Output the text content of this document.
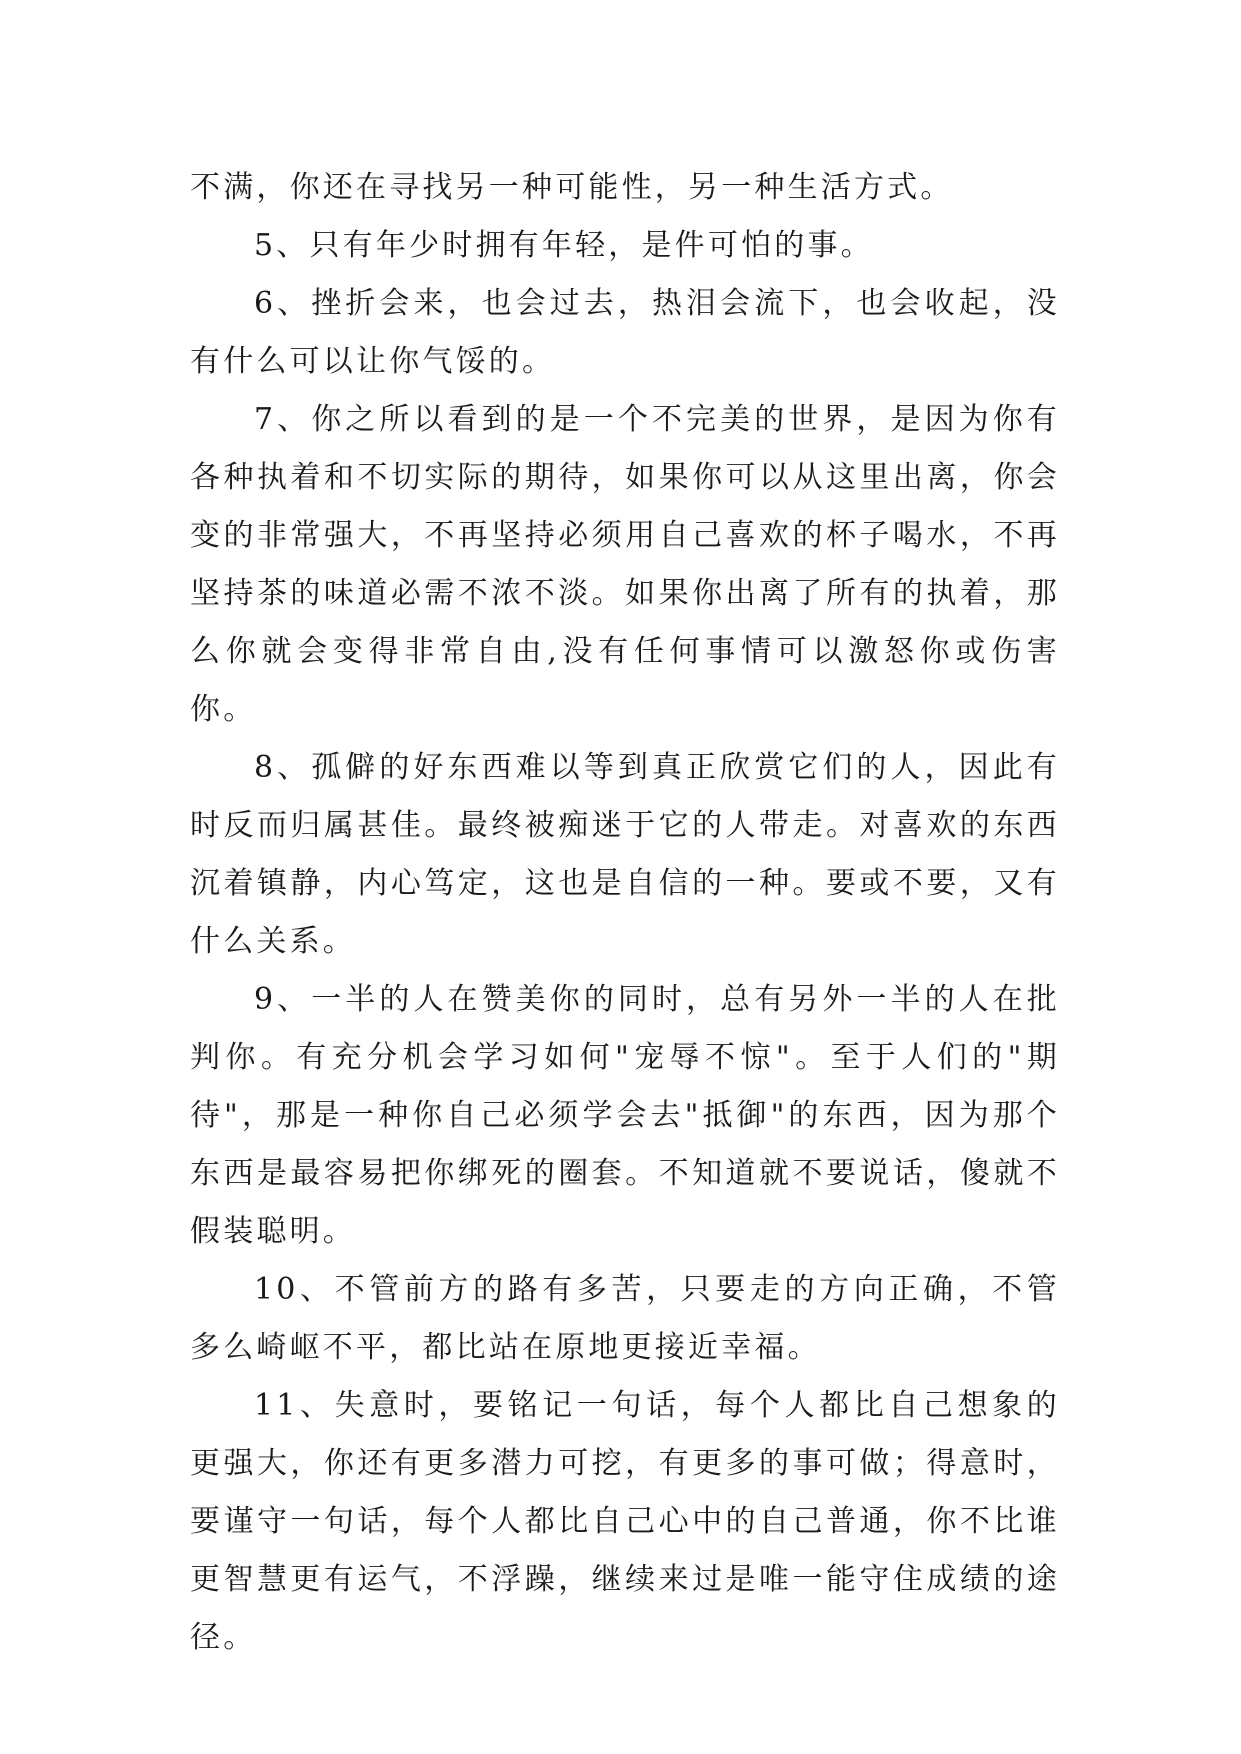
不满，你还在寻找另一种可能性，另一种生活方式。

5、只有年少时拥有年轻，是件可怕的事。

6、挫折会来，也会过去，热泪会流下，也会收起，没有什么可以让你气馁的。

7、你之所以看到的是一个不完美的世界，是因为你有各种执着和不切实际的期待，如果你可以从这里出离，你会变的非常强大，不再坚持必须用自己喜欢的杯子喝水，不再坚持茶的味道必需不浓不淡。如果你出离了所有的执着，那么你就会变得非常自由,没有任何事情可以激怒你或伤害你。

8、孤僻的好东西难以等到真正欣赏它们的人，因此有时反而归属甚佳。最终被痴迷于它的人带走。对喜欢的东西沉着镇静，内心笃定，这也是自信的一种。要或不要，又有什么关系。

9、一半的人在赞美你的同时，总有另外一半的人在批判你。有充分机会学习如何"宠辱不惊"。至于人们的"期待"，那是一种你自己必须学会去"抵御"的东西，因为那个东西是最容易把你绑死的圈套。不知道就不要说话，傻就不假装聪明。

10、不管前方的路有多苦，只要走的方向正确，不管多么崎岖不平，都比站在原地更接近幸福。

11、失意时，要铭记一句话，每个人都比自己想象的更强大，你还有更多潜力可挖，有更多的事可做；得意时，要谨守一句话，每个人都比自己心中的自己普通，你不比谁更智慧更有运气，不浮躁，继续来过是唯一能守住成绩的途径。
